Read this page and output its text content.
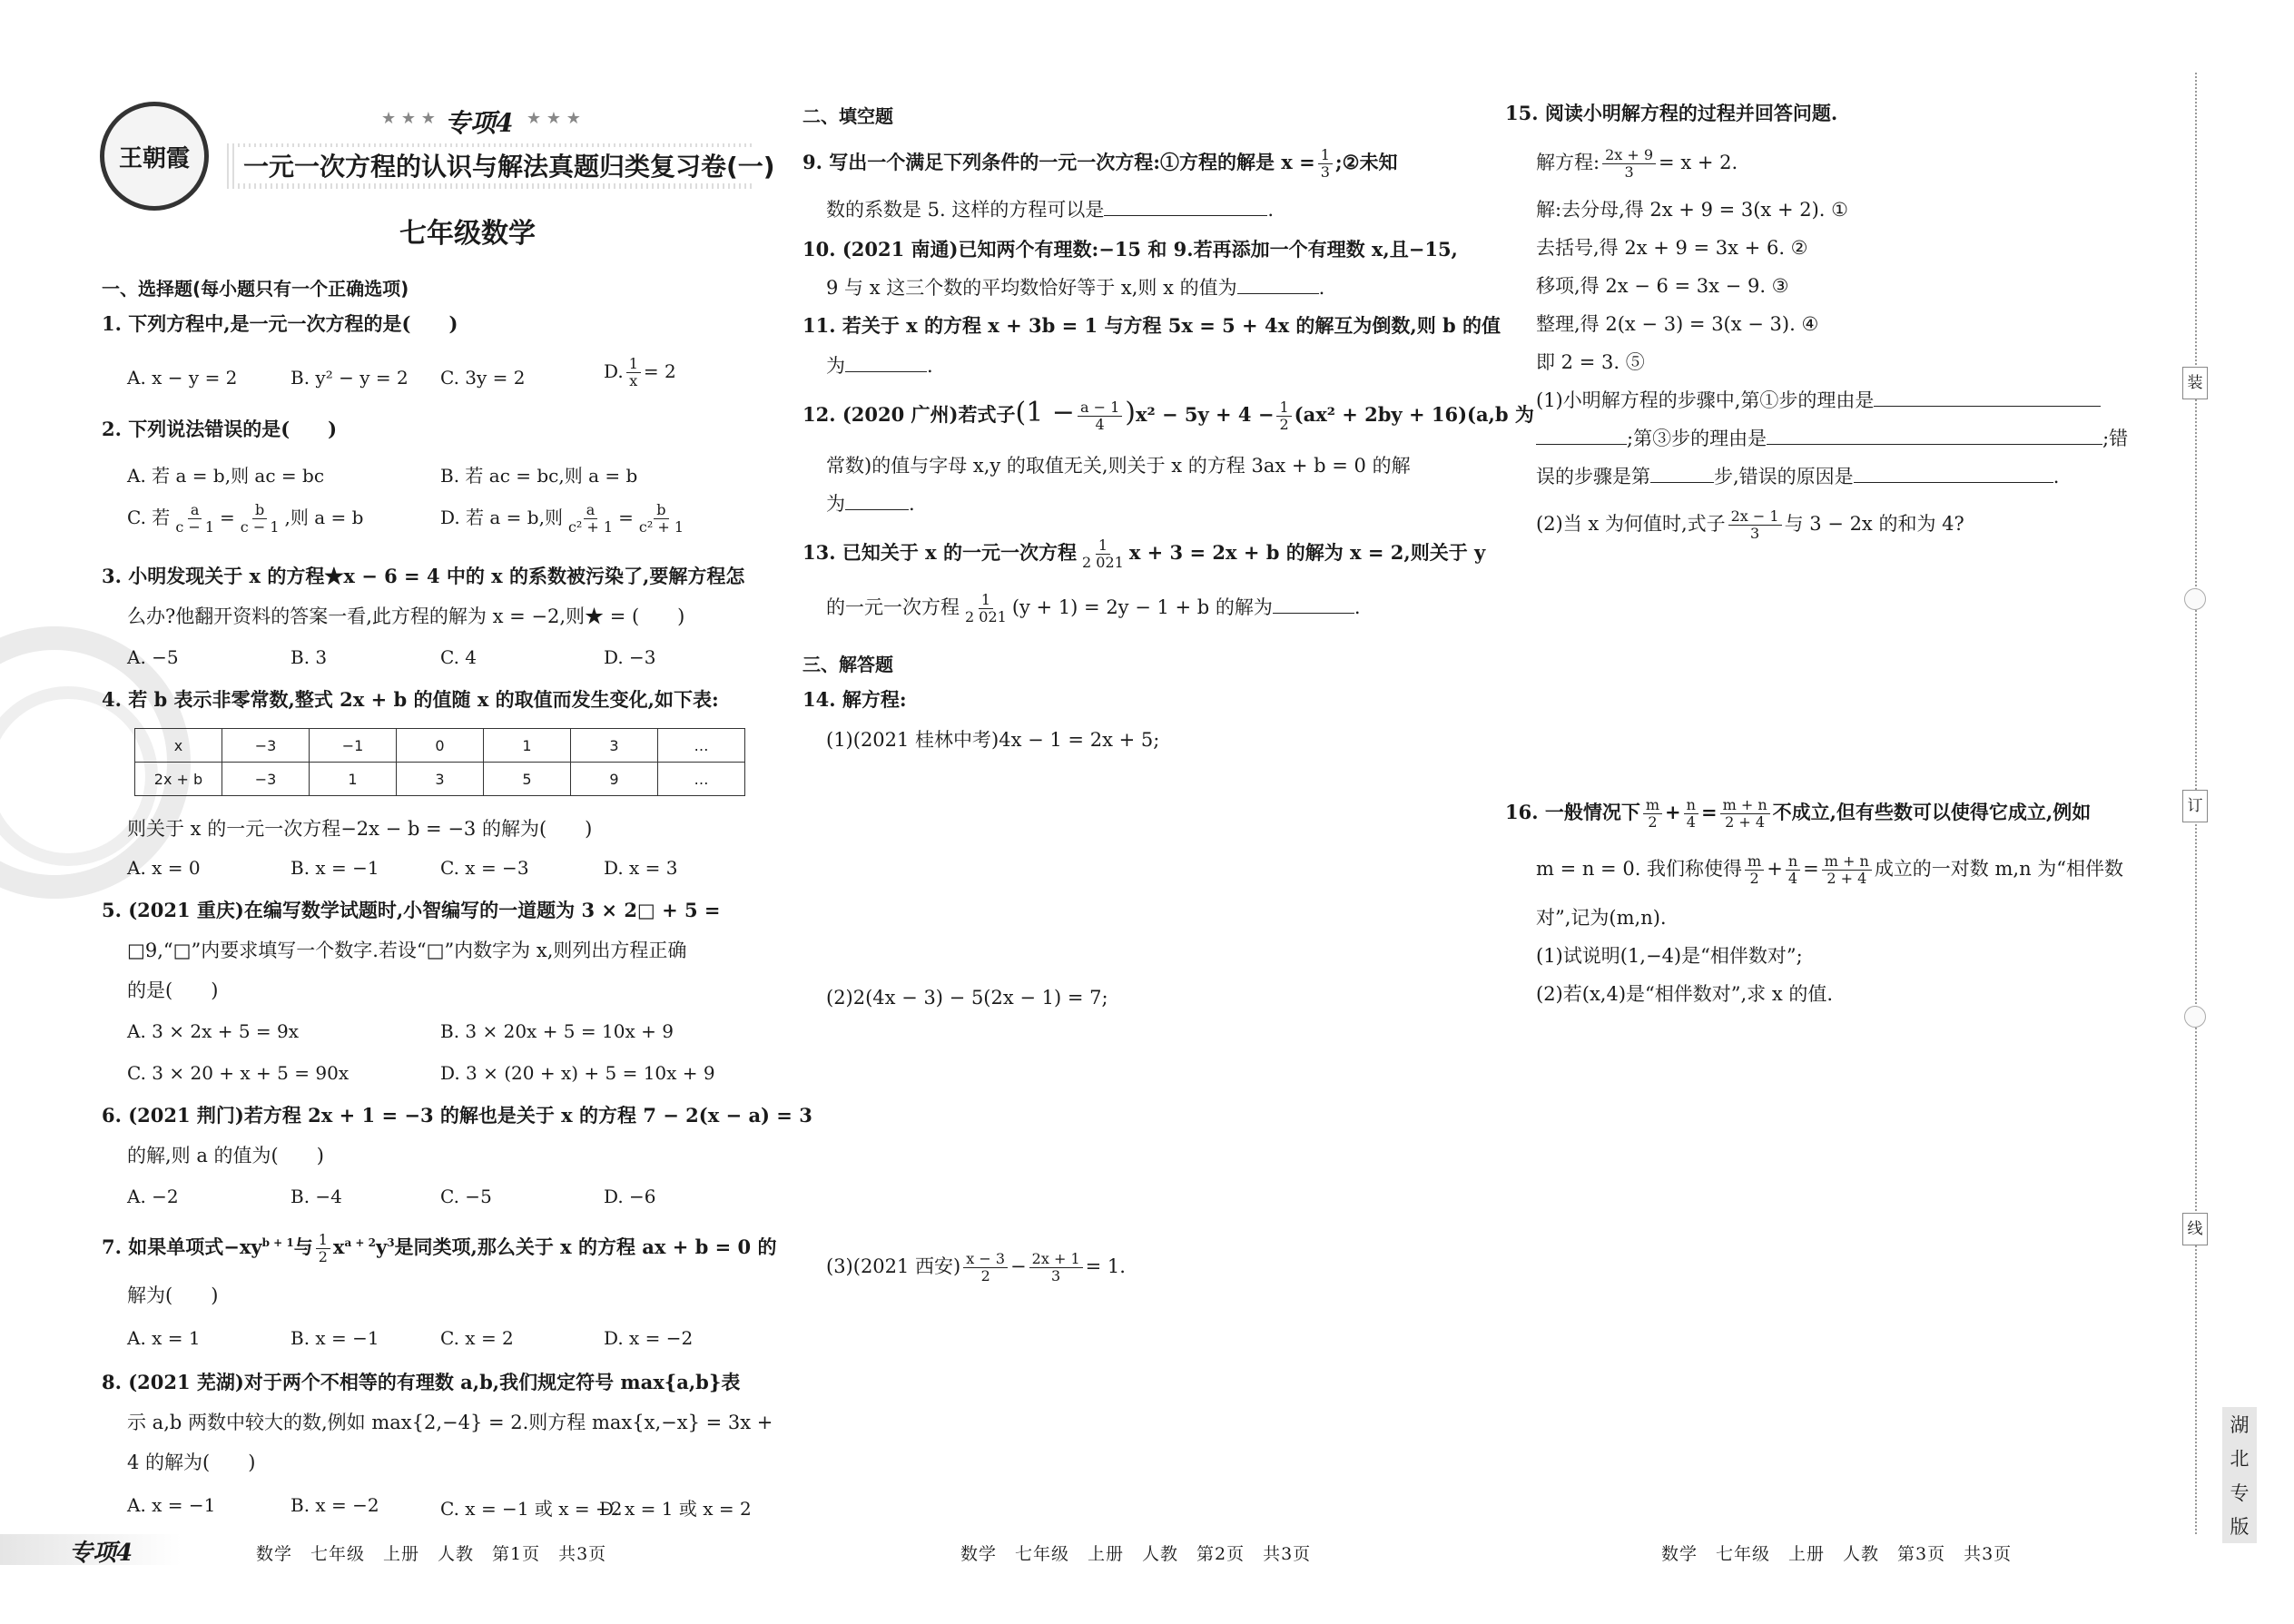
王朝霞
★ ★ ★ 专项4 ★ ★ ★
一元一次方程的认识与解法真题归类复习卷(一)
七年级数学
一、选择题(每小题只有一个正确选项)
1. 下列方程中,是一元一次方程的是(　　)
A. x − y = 2	B. y² − y = 2 C. 3y = 2	D. $\frac{1}{x} = 2$
2. 下列说法错误的是(　　)
A. 若 a = b,则 ac = bc	B. 若 ac = bc,则 a = b
C. 若 $\frac{a}{c - 1} = \frac{b}{c - 1}$ ,则 a = b	D. 若 a = b,则 $\frac{a}{\text{c² + 1}} = \frac{b}{\text{c² + 1}}$
3. 小明发现关于 x 的方程★x − 6 = 4 中的 x 的系数被污染了,要解方程怎
么办?他翻开资料的答案一看,此方程的解为 x = −2,则★ = (　　)
A. −5	B. 3	C. 4	D. −3
4. 若 b 表示非零常数,整式 2x + b 的值随 x 的取值而发生变化,如下表:
x	−3	−1	0	1	3	…
2x + b	−3	1	3	5	9	…
则关于 x 的一元一次方程−2x − b = −3 的解为(　　)
A. x = 0	B. x = −1	C. x = −3	D. x = 3
5. (2021 重庆)在编写数学试题时,小智编写的一道题为 3 × 2□ + 5 =
□9,“□”内要求填写一个数字.若设“□”内数字为 x,则列出方程正确
的是(　　)
A. 3 × 2x + 5 = 9x	B. 3 × 20x + 5 = 10x + 9
C. 3 × 20 + x + 5 = 90x	D. 3 × (20 + x) + 5 = 10x + 9
6. (2021 荆门)若方程 2x + 1 = −3 的解也是关于 x 的方程 7 − 2(x − a) = 3
的解,则 a 的值为(　　)
A. −2	B. −4	C. −5	D. −6
7. 如果单项式$-xy^{b + 1}$与 $\frac{1}{2} x^{a + 2}y^3$是同类项,那么关于 x 的方程 ax + b = 0 的
解为(　　)
A. x = 1	B. x = −1	C. x = 2	D. x = −2
8. (2021 芜湖)对于两个不相等的有理数 a,b,我们规定符号 max{a,b}表
示 a,b 两数中较大的数,例如 max{2,−4} = 2.则方程 max{x,−x} = 3x +
4 的解为(　　)
A. x = −1	B. x = −2	C. x = −1 或 x = −2
D. x = 1 或 x = 2
二、填空题
9. 写出一个满足下列条件的一元一次方程:①方程的解是 $x = \frac{1}{3}$ ;②未知
数的系数是 5. 这样的方程可以是	.
10. (2021 南通)已知两个有理数:−15 和 9.若再添加一个有理数 x,且−15,
9 与 x 这三个数的平均数恰好等于 x,则 x 的值为	.
11. 若关于 x 的方程 x + 3b = 1 与方程 5x = 5 + 4x 的解互为倒数,则 b 的值
为	.
12. (2020 广州)若式子$(1 - \frac{a - 1}{4} )x^2 - 5y + 4 - \frac{1}{2} (ax^2 + 2by + 16)(a,b$ 为
常数)的值与字母 x,y 的取值无关,则关于 x 的方程 3ax + b = 0 的解
为	.
13. 已知关于 x 的一元一次方程 $\frac{1}{2 021}$ x + 3 = 2x + b 的解为 x = 2,则关于 y
的一元一次方程 $\frac{1}{2 021} (y + 1) = 2y - 1 + b$ 的解为	.
三、解答题
14. 解方程:
(1)(2021 桂林中考)4x − 1 = 2x + 5;
(2)2(4x − 3) − 5(2x − 1) = 7;
(3)(2021 西安) $\frac{x - 3}{2} - \frac{2x + 1}{3} = 1$.
15. 阅读小明解方程的过程并回答问题.
解方程: $\frac{2x + 9}{3} = x + 2$.
解:去分母,得 2x + 9 = 3(x + 2). ①
去括号,得 2x + 9 = 3x + 6. ②
移项,得 2x − 6 = 3x − 9. ③
整理,得 2(x − 3) = 3(x − 3). ④
即 2 = 3. ⑤
(1)小明解方程的步骤中,第①步的理由是
;第③步的理由是	;错
误的步骤是第	步,错误的原因是	.
(2)当 x 为何值时,式子 $\frac{2x - 1}{3}$ 与 3 − 2x 的和为 4?
16. 一般情况下 $\frac{m}{2} + \frac{n}{4} = \frac{m + n}{2 + 4}$ 不成立,但有些数可以使得它成立,例如
m = n = 0. 我们称使得 $\frac{m}{2} + \frac{n}{4} = \frac{m + n}{2 + 4}$ 成立的一对数 m,n 为“相伴数
对”,记为(m,n).
(1)试说明(1,−4)是“相伴数对”;
(2)若(x,4)是“相伴数对”,求 x 的值.
装
订
线
湖
北
专
版
专项4	数学　七年级　上册　人教　第1页　共3页	数学　七年级　上册　人教　第2页　共3页	数学　七年级　上册　人教　第3页　共3页
